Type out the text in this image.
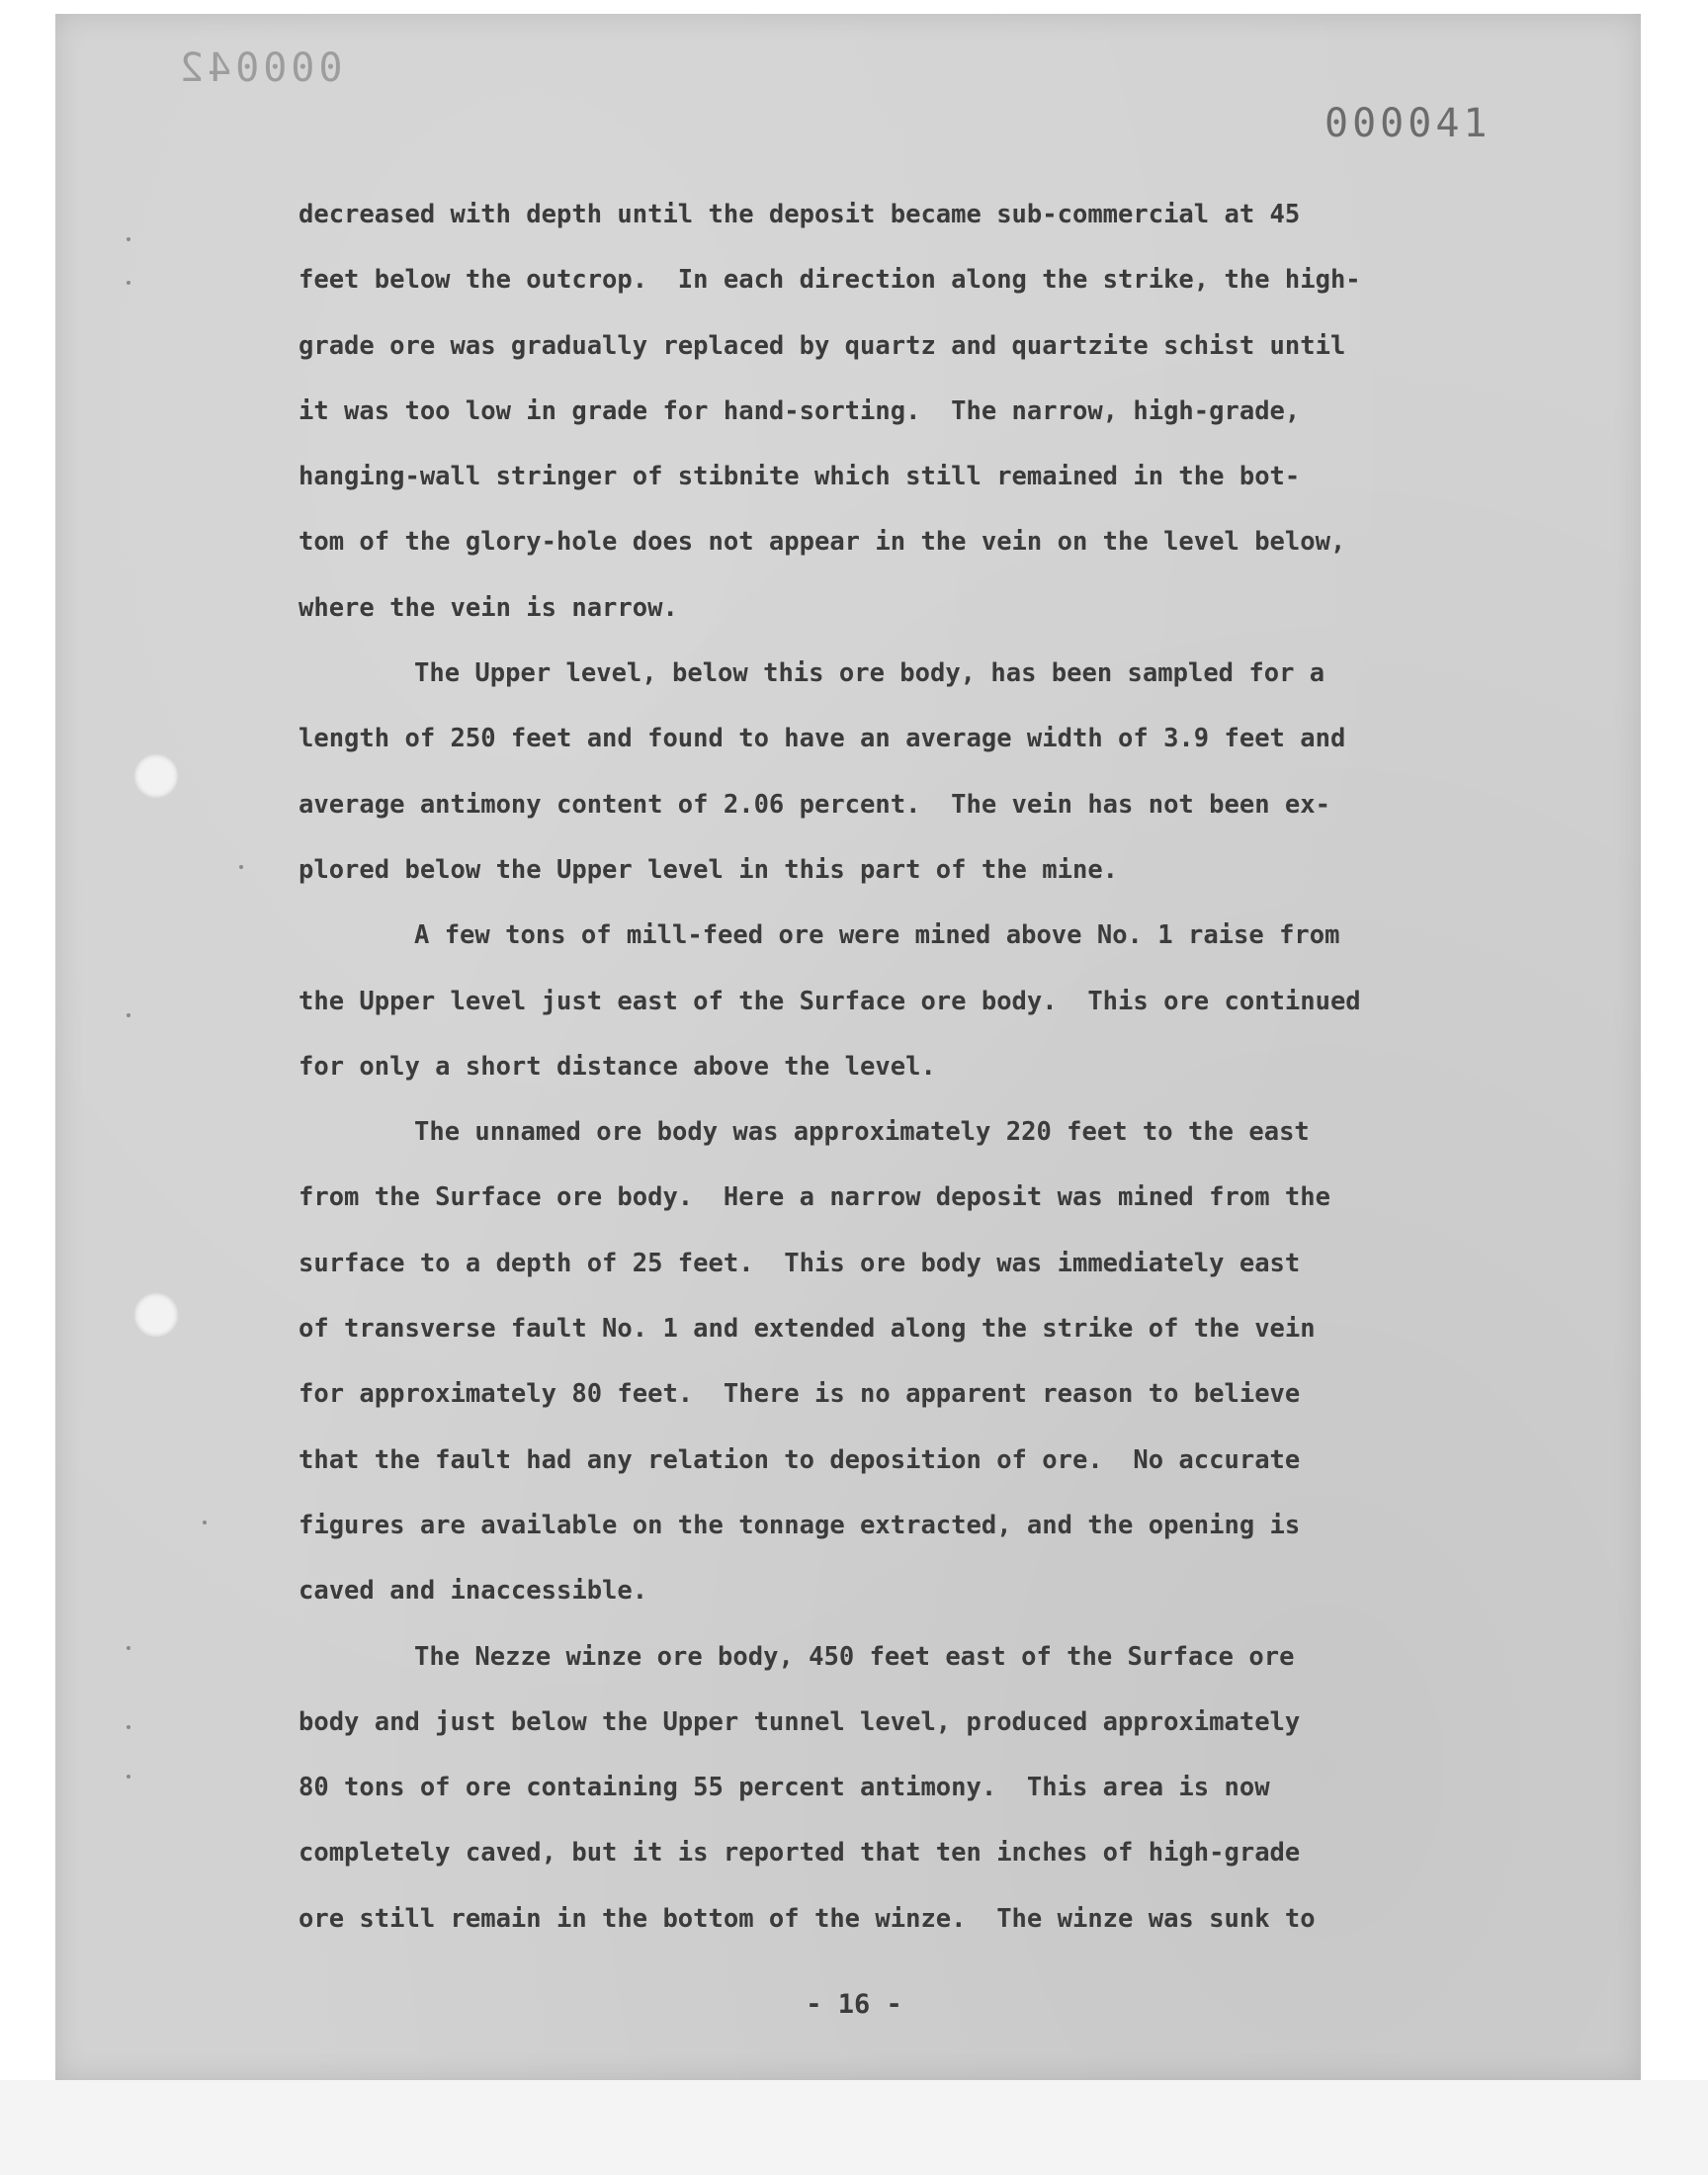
000042
000041
decreased with depth until the deposit became sub-commercial at 45
feet below the outcrop.  In each direction along the strike, the high-
grade ore was gradually replaced by quartz and quartzite schist until
it was too low in grade for hand-sorting.  The narrow, high-grade,
hanging-wall stringer of stibnite which still remained in the bot-
tom of the glory-hole does not appear in the vein on the level below,
where the vein is narrow.
The Upper level, below this ore body, has been sampled for a
length of 250 feet and found to have an average width of 3.9 feet and
average antimony content of 2.06 percent.  The vein has not been ex-
plored below the Upper level in this part of the mine.
A few tons of mill-feed ore were mined above No. 1 raise from
the Upper level just east of the Surface ore body.  This ore continued
for only a short distance above the level.
The unnamed ore body was approximately 220 feet to the east
from the Surface ore body.  Here a narrow deposit was mined from the
surface to a depth of 25 feet.  This ore body was immediately east
of transverse fault No. 1 and extended along the strike of the vein
for approximately 80 feet.  There is no apparent reason to believe
that the fault had any relation to deposition of ore.  No accurate
figures are available on the tonnage extracted, and the opening is
caved and inaccessible.
The Nezze winze ore body, 450 feet east of the Surface ore
body and just below the Upper tunnel level, produced approximately
80 tons of ore containing 55 percent antimony.  This area is now
completely caved, but it is reported that ten inches of high-grade
ore still remain in the bottom of the winze.  The winze was sunk to
- 16 -
